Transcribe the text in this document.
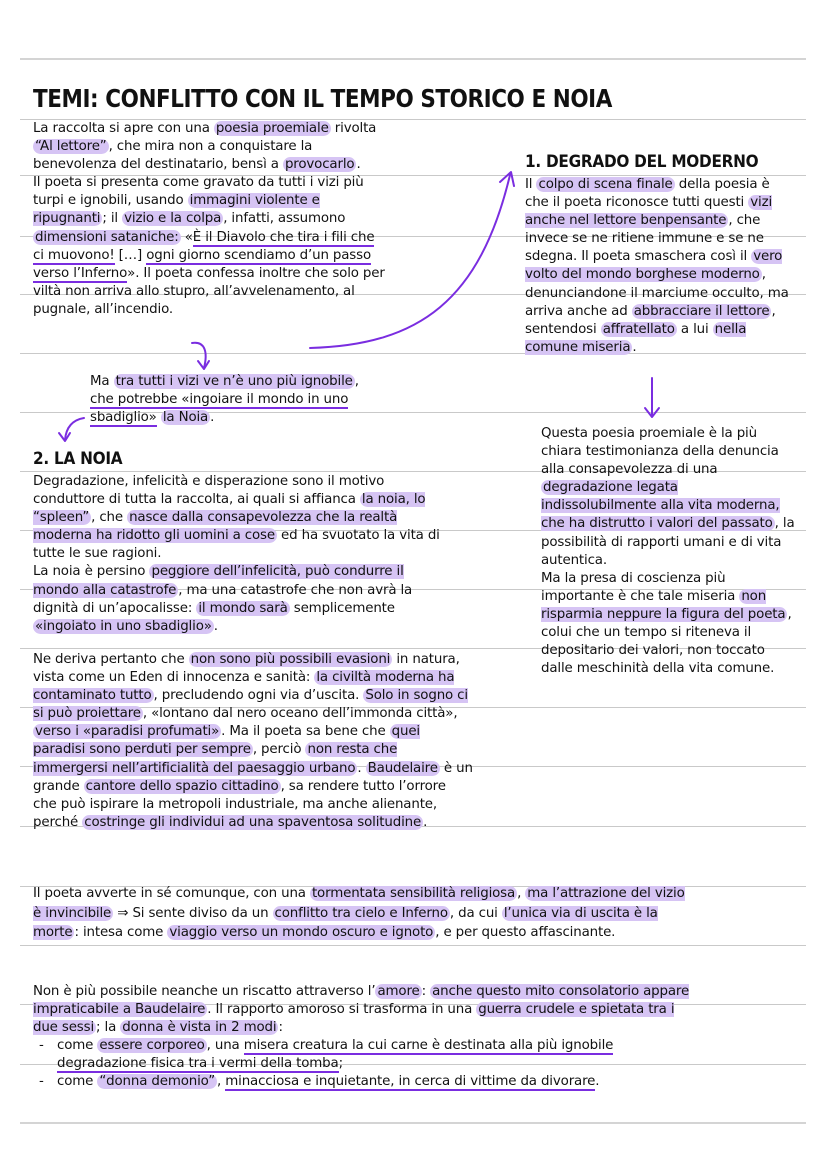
TEMI: CONFLITTO CON IL TEMPO STORICO E NOIA

La raccolta si apre con una poesia proemiale rivolta “Al lettore” , che mira non a conquistare la benevolenza del destinatario, bensì a provocarlo .

Il poeta si presenta come gravato da tutti i vizi più turpi e ignobili, usando immagini violente e ripugnanti ; il vizio e la colpa , infatti, assumono dimensioni sataniche: «È il Diavolo che tira i fili che ci muovono! […] ogni giorno scendiamo d’un passo verso l’Inferno». Il poeta confessa inoltre che solo per viltà non arriva allo stupro, all’avvelenamento, al pugnale, all’incendio.

Ma tra tutti i vizi ve n’è uno più ignobile , che potrebbe «ingoiare il mondo in uno sbadiglio» la Noia .

1. DEGRADO DEL MODERNO

Il colpo di scena finale della poesia è che il poeta riconosce tutti questi vizi anche nel lettore benpensante , che invece se ne ritiene immune e se ne sdegna. Il poeta smaschera così il vero volto del mondo borghese moderno , denunciandone il marciume occulto, ma arriva anche ad abbracciare il lettore , sentendosi affratellato a lui nella comune miseria .

Questa poesia proemiale è la più chiara testimonianza della denuncia alla consapevolezza di una degradazione legata indissolubilmente alla vita moderna, che ha distrutto i valori del passato , la possibilità di rapporti umani e di vita autentica.

Ma la presa di coscienza più importante è che tale miseria non risparmia neppure la figura del poeta , colui che un tempo si riteneva il depositario dei valori, non toccato dalle meschinità della vita comune.

2. LA NOIA

Degradazione, infelicità e disperazione sono il motivo conduttore di tutta la raccolta, ai quali si affianca la noia, lo “spleen” , che nasce dalla consapevolezza che la realtà moderna ha ridotto gli uomini a cose ed ha svuotato la vita di tutte le sue ragioni.

La noia è persino peggiore dell’infelicità, può condurre il mondo alla catastrofe , ma una catastrofe che non avrà la dignità di un’apocalisse: il mondo sarà semplicemente «ingoiato in uno sbadiglio» .

Ne deriva pertanto che non sono più possibili evasioni in natura, vista come un Eden di innocenza e sanità: la civiltà moderna ha contaminato tutto , precludendo ogni via d’uscita. Solo in sogno ci si può proiettare , «lontano dal nero oceano dell’immonda città», verso i «paradisi profumati» . Ma il poeta sa bene che quei paradisi sono perduti per sempre , perciò non resta che immergersi nell’artificialità del paesaggio urbano . Baudelaire è un grande cantore dello spazio cittadino , sa rendere tutto l’orrore che può ispirare la metropoli industriale, ma anche alienante, perché costringe gli individui ad una spaventosa solitudine .

Il poeta avverte in sé comunque, con una tormentata sensibilità religiosa , ma l’attrazione del vizio è invincibile ⇒ Si sente diviso da un conflitto tra cielo e Inferno , da cui l’unica via di uscita è la morte : intesa come viaggio verso un mondo oscuro e ignoto , e per questo affascinante.

Non è più possibile neanche un riscatto attraverso l’ amore : anche questo mito consolatorio appare impraticabile a Baudelaire . Il rapporto amoroso si trasforma in una guerra crudele e spietata tra i due sessi ; la donna è vista in 2 modi :

- come essere corporeo , una misera creatura la cui carne è destinata alla più ignobile degradazione fisica tra i vermi della tomba;
- come “donna demonio” , minacciosa e inquietante, in cerca di vittime da divorare.
